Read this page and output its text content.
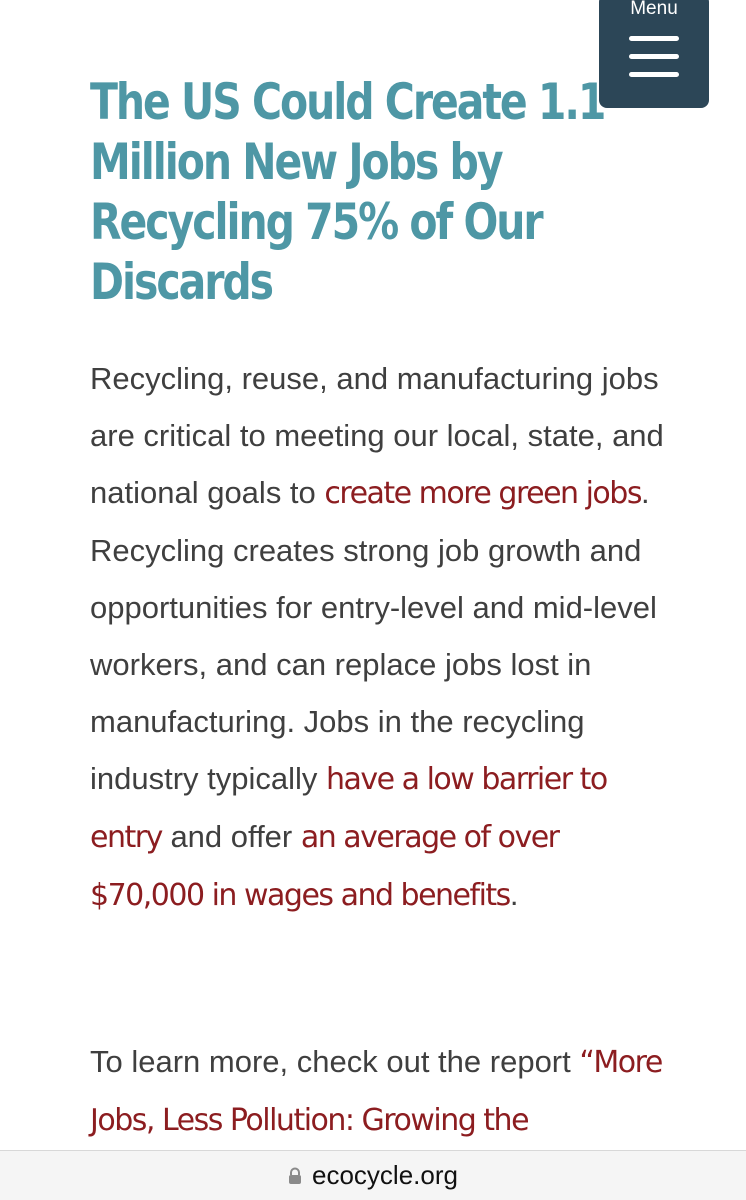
Menu
The US Could Create 1.1 Million New Jobs by Recycling 75% of Our Discards

Recycling, reuse, and manufacturing jobs are critical to meeting our local, state, and national goals to create more green jobs. Recycling creates strong job growth and opportunities for entry-level and mid-level workers, and can replace jobs lost in manufacturing. Jobs in the recycling industry typically have a low barrier to entry and offer an average of over $70,000 in wages and benefits.

To learn more, check out the report “More Jobs, Less Pollution: Growing the

ecocycle.org
